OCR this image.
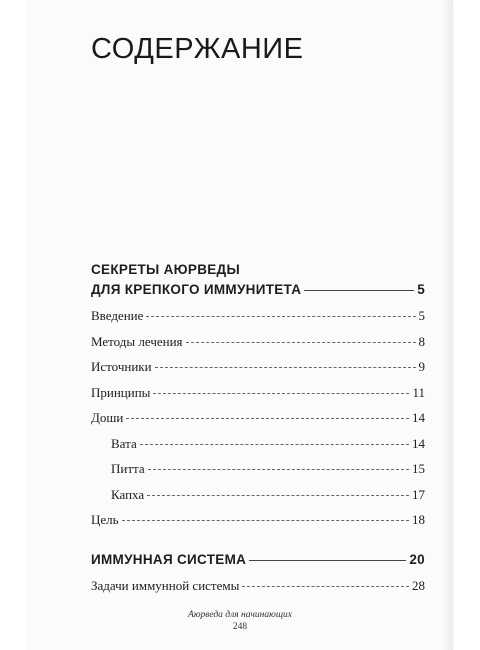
СОДЕРЖАНИЕ
СЕКРЕТЫ АЮРВЕДЫ
ДЛЯ КРЕПКОГО ИММУНИТЕТА	5
Введение	5
Методы лечения	8
Источники	9
Принципы	11
Доши	14
Вата	14
Питта	15
Капха	17
Цель	18
ИММУННАЯ СИСТЕМА	20
Задачи иммунной системы	28
Аюрведа для начинающих
248
